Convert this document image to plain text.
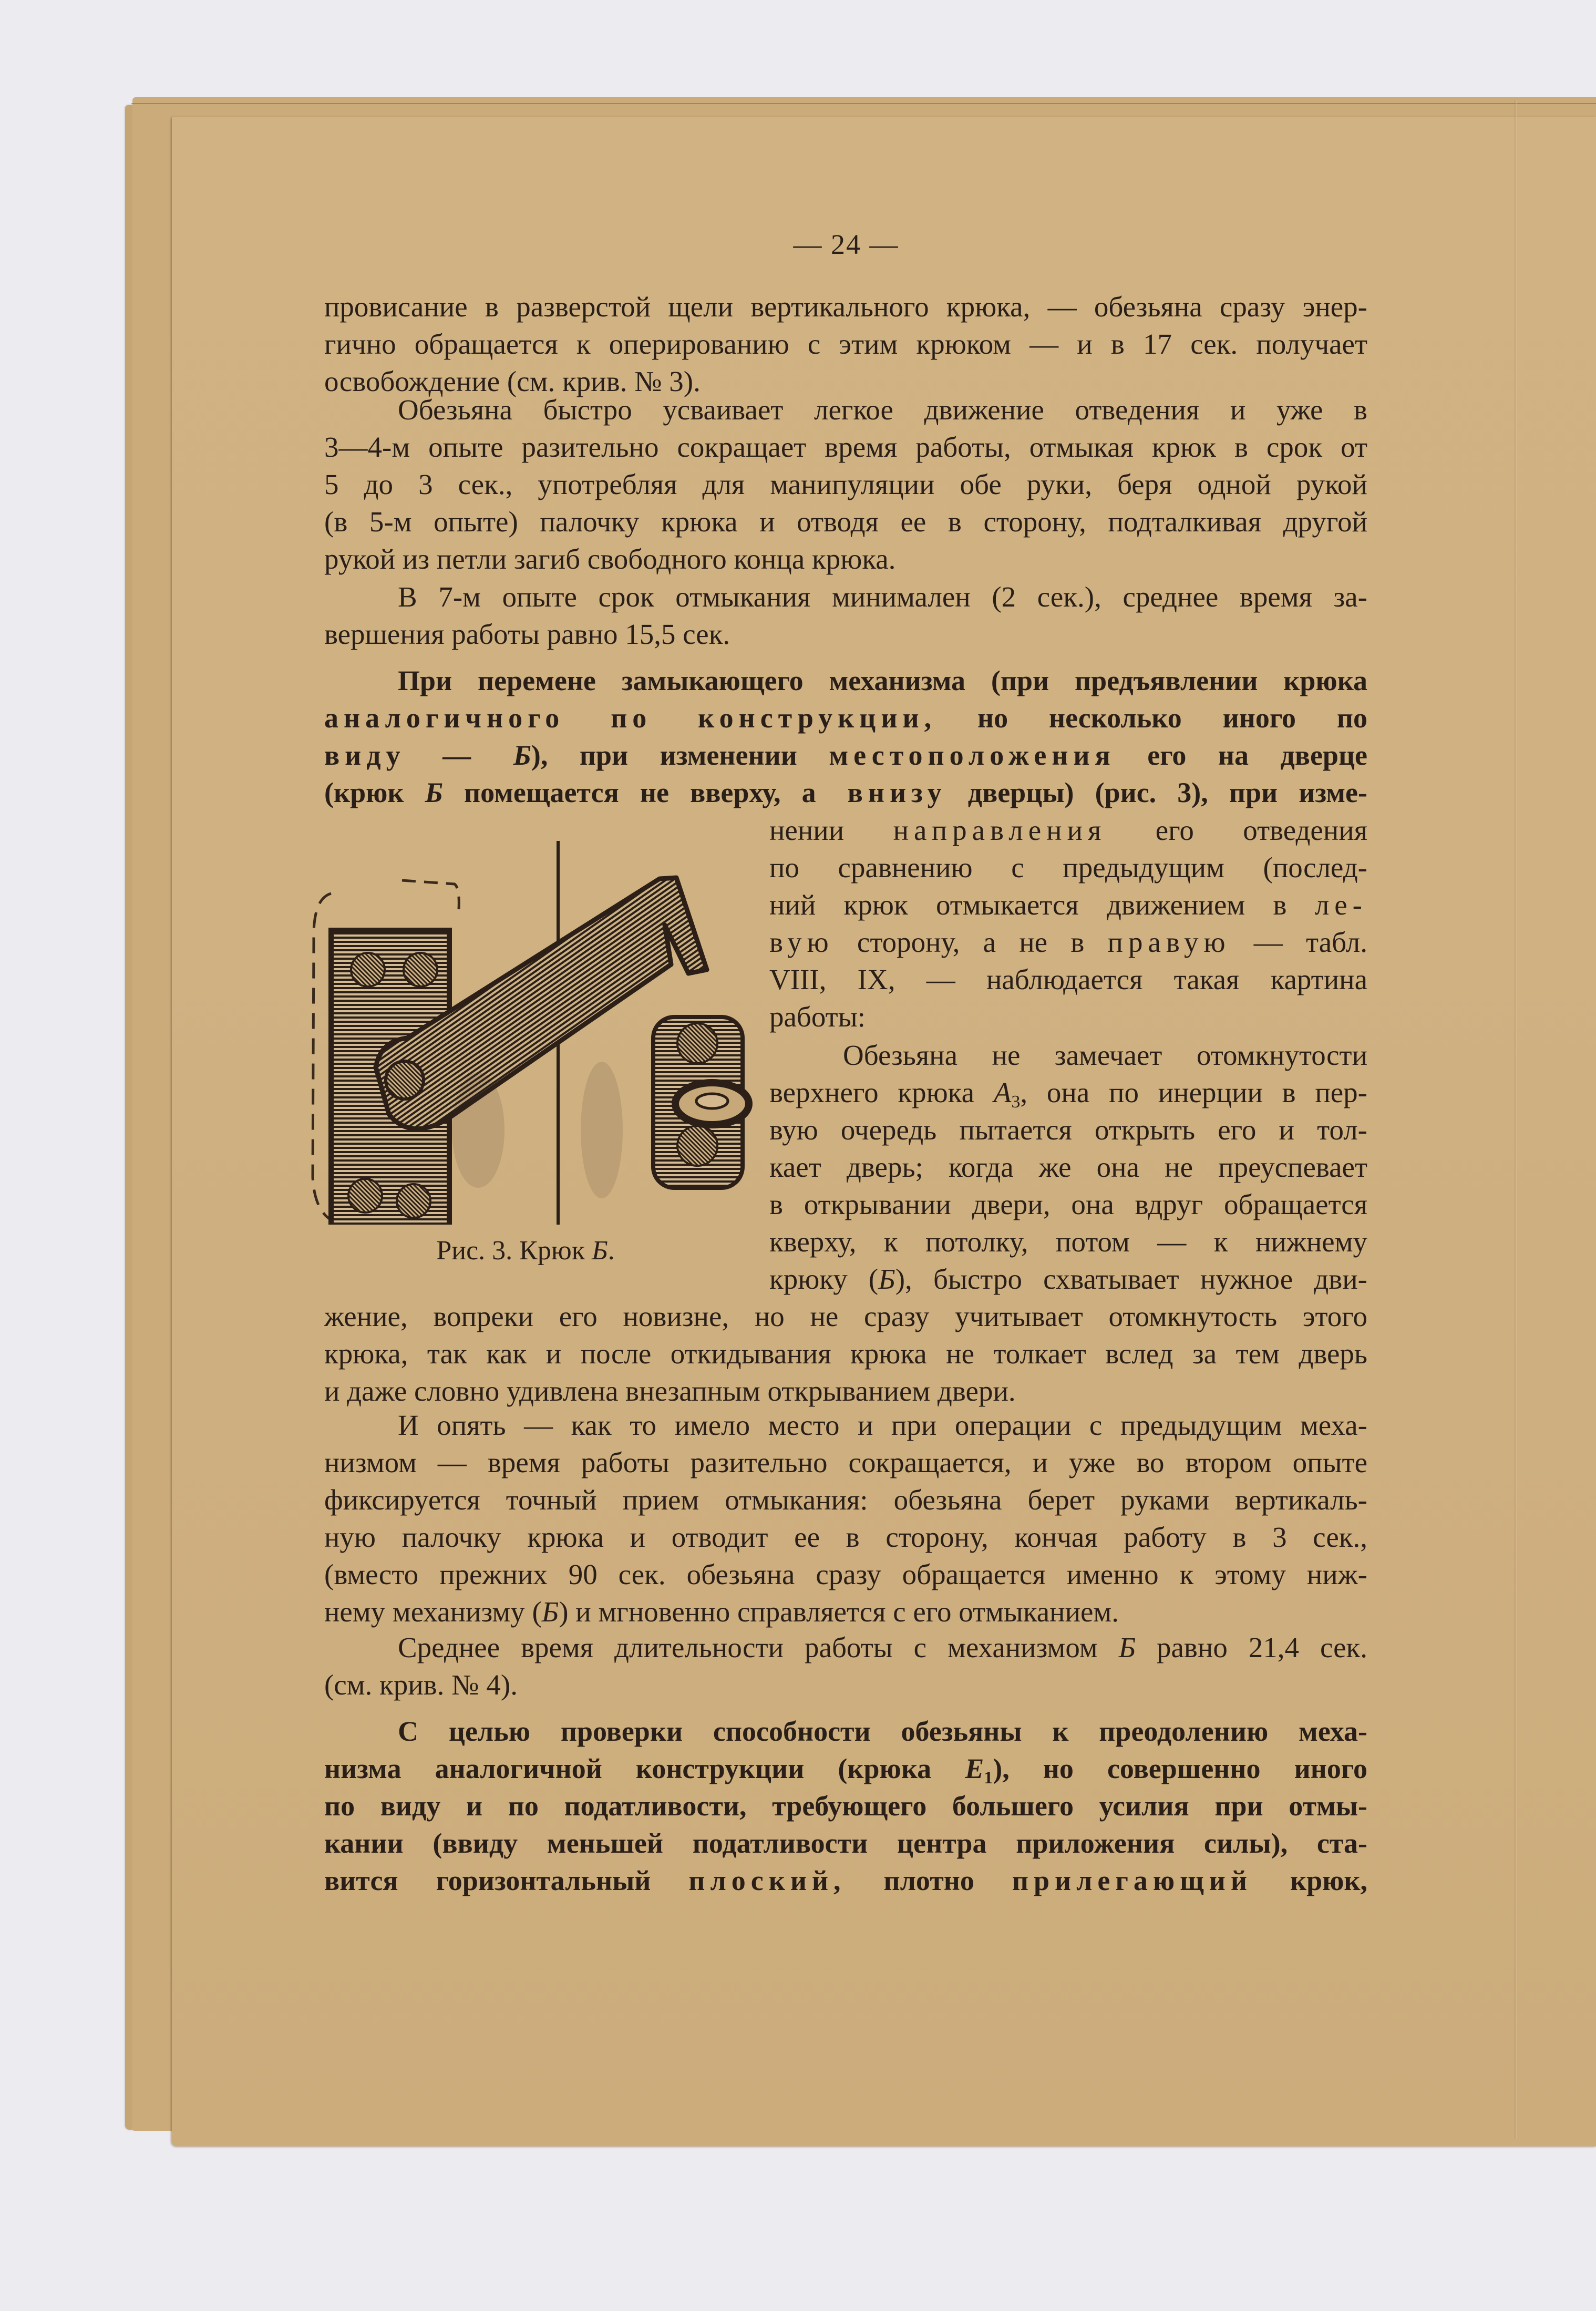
— 24 —
провисание в разверстой щели вертикального крюка, — обезьяна сразу энер-
гично обращается к оперированию с этим крюком — и в 17 сек. получает
освобождение (см. крив. № 3).
Обезьяна быстро усваивает легкое движение отведения и уже в
3—4-м опыте разительно сокращает время работы, отмыкая крюк в срок от
5 до 3 сек., употребляя для манипуляции обе руки, беря одной рукой
(в 5-м опыте) палочку крюка и отводя ее в сторону, подталкивая другой
рукой из петли загиб свободного конца крюка.
В 7-м опыте срок отмыкания минимален (2 сек.), среднее время за-
вершения работы равно 15,5 сек.
При перемене замыкающего механизма (при предъявлении крюка
аналогичного по конструкции, но несколько иного по
виду — Б), при изменении местоположения его на дверце
(крюк Б помещается не вверху, а внизу дверцы) (рис. 3), при изме-
нении направления его отведения
по сравнению с предыдущим (послед-
ний крюк отмыкается движением в ле-
вую сторону, а не в правую — табл.
VIII, IX, — наблюдается такая картина
работы:
Рис. 3. Крюк Б.
Обезьяна не замечает отомкнутости
верхнего крюка $А_3$, она по инерции в пер-
вую очередь пытается открыть его и тол-
кает дверь; когда же она не преуспевает
в открывании двери, она вдруг обращается
кверху, к потолку, потом — к нижнему
крюку (Б), быстро схватывает нужное дви-
жение, вопреки его новизне, но не сразу учитывает отомкнутость этого
крюка, так как и после откидывания крюка не толкает вслед за тем дверь
и даже словно удивлена внезапным открыванием двери.
И опять — как то имело место и при операции с предыдущим меха-
низмом — время работы разительно сокращается, и уже во втором опыте
фиксируется точный прием отмыкания: обезьяна берет руками вертикаль-
ную палочку крюка и отводит ее в сторону, кончая работу в 3 сек.,
(вместо прежних 90 сек. обезьяна сразу обращается именно к этому ниж-
нему механизму (Б) и мгновенно справляется с его отмыканием.
Среднее время длительности работы с механизмом Б равно 21,4 сек.
(см. крив. № 4).
С целью проверки способности обезьяны к преодолению меха-
низма аналогичной конструкции (крюка $Е_1$), но совершенно иного
по виду и по податливости, требующего большего усилия при отмы-
кании (ввиду меньшей податливости центра приложения силы), ста-
вится горизонтальный плоский, плотно прилегающий крюк,
